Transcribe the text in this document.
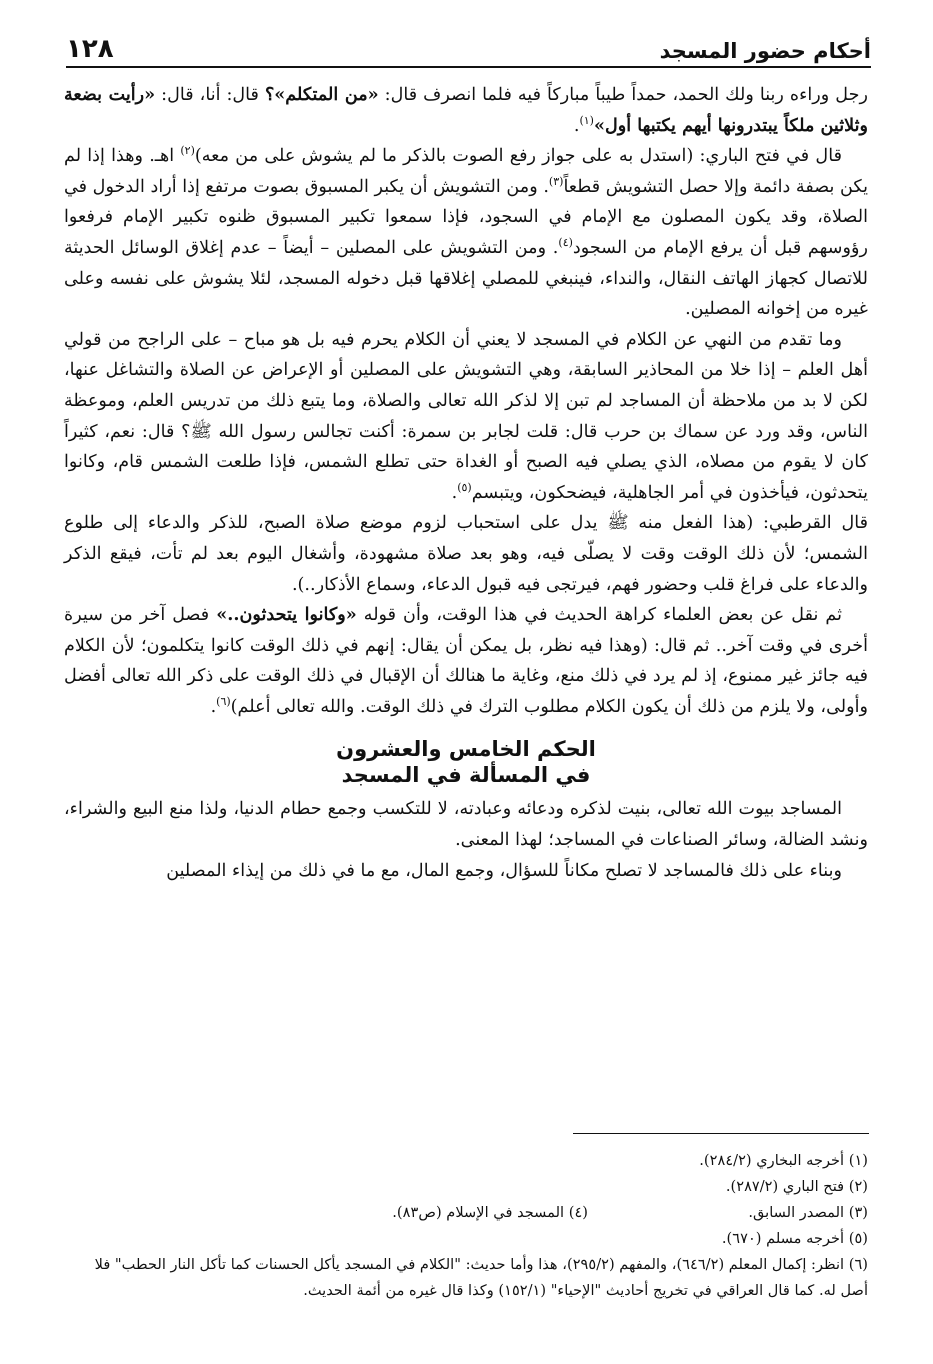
١٢٨	أحكام حضور المسجد

رجل وراءه ربنا ولك الحمد، حمداً طيباً مباركاً فيه فلما انصرف قال: «من المتكلم»؟ قال: أنا، قال: «رأيت بضعة وثلاثين ملكاً يبتدرونها أيهم يكتبها أول»$^{(١)}$.

قال في فتح الباري: (استدل به على جواز رفع الصوت بالذكر ما لم يشوش على من معه)$^{(٢)}$ اهـ. وهذا إذا لم يكن بصفة دائمة وإلا حصل التشويش قطعاً$^{(٣)}$. ومن التشويش أن يكبر المسبوق بصوت مرتفع إذا أراد الدخول في الصلاة، وقد يكون المصلون مع الإمام في السجود، فإذا سمعوا تكبير المسبوق ظنوه تكبير الإمام فرفعوا رؤوسهم قبل أن يرفع الإمام من السجود$^{(٤)}$. ومن التشويش على المصلين – أيضاً – عدم إغلاق الوسائل الحديثة للاتصال كجهاز الهاتف النقال، والنداء، فينبغي للمصلي إغلاقها قبل دخوله المسجد، لئلا يشوش على نفسه وعلى غيره من إخوانه المصلين.

وما تقدم من النهي عن الكلام في المسجد لا يعني أن الكلام يحرم فيه بل هو مباح – على الراجح من قولي أهل العلم – إذا خلا من المحاذير السابقة، وهي التشويش على المصلين أو الإعراض عن الصلاة والتشاغل عنها، لكن لا بد من ملاحظة أن المساجد لم تبن إلا لذكر الله تعالى والصلاة، وما يتبع ذلك من تدريس العلم، وموعظة الناس، وقد ورد عن سماك بن حرب قال: قلت لجابر بن سمرة: أكنت تجالس رسول الله ﷺ؟ قال: نعم، كثيراً كان لا يقوم من مصلاه، الذي يصلي فيه الصبح أو الغداة حتى تطلع الشمس، فإذا طلعت الشمس قام، وكانوا يتحدثون، فيأخذون في أمر الجاهلية، فيضحكون، ويتبسم$^{(٥)}$.

قال القرطبي: (هذا الفعل منه ﷺ يدل على استحباب لزوم موضع صلاة الصبح، للذكر والدعاء إلى طلوع الشمس؛ لأن ذلك الوقت وقت لا يصلّى فيه، وهو بعد صلاة مشهودة، وأشغال اليوم بعد لم تأت، فيقع الذكر والدعاء على فراغ قلب وحضور فهم، فيرتجى فيه قبول الدعاء، وسماع الأذكار..).

ثم نقل عن بعض العلماء كراهة الحديث في هذا الوقت، وأن قوله «وكانوا يتحدثون..» فصل آخر من سيرة أخرى في وقت آخر.. ثم قال: (وهذا فيه نظر، بل يمكن أن يقال: إنهم في ذلك الوقت كانوا يتكلمون؛ لأن الكلام فيه جائز غير ممنوع، إذ لم يرد في ذلك منع، وغاية ما هنالك أن الإقبال في ذلك الوقت على ذكر الله تعالى أفضل وأولى، ولا يلزم من ذلك أن يكون الكلام مطلوب الترك في ذلك الوقت. والله تعالى أعلم)$^{(٦)}$.

الحكم الخامس والعشرون
في المسألة في المسجد

المساجد بيوت الله تعالى، بنيت لذكره ودعائه وعبادته، لا للتكسب وجمع حطام الدنيا، ولذا منع البيع والشراء، ونشد الضالة، وسائر الصناعات في المساجد؛ لهذا المعنى.

وبناء على ذلك فالمساجد لا تصلح مكاناً للسؤال، وجمع المال، مع ما في ذلك من إيذاء المصلين

(١) أخرجه البخاري (٢٨٤/٢).
(٢) فتح الباري (٢٨٧/٢).
(٣) المصدر السابق.
(٤) المسجد في الإسلام (ص٨٣).
(٥) أخرجه مسلم (٦٧٠).
(٦) انظر: إكمال المعلم (٦٤٦/٢)، والمفهم (٢٩٥/٢)، هذا وأما حديث: "الكلام في المسجد يأكل الحسنات كما تأكل النار الحطب" فلا أصل له. كما قال العراقي في تخريج أحاديث "الإحياء" (١٥٢/١) وكذا قال غيره من أئمة الحديث.
